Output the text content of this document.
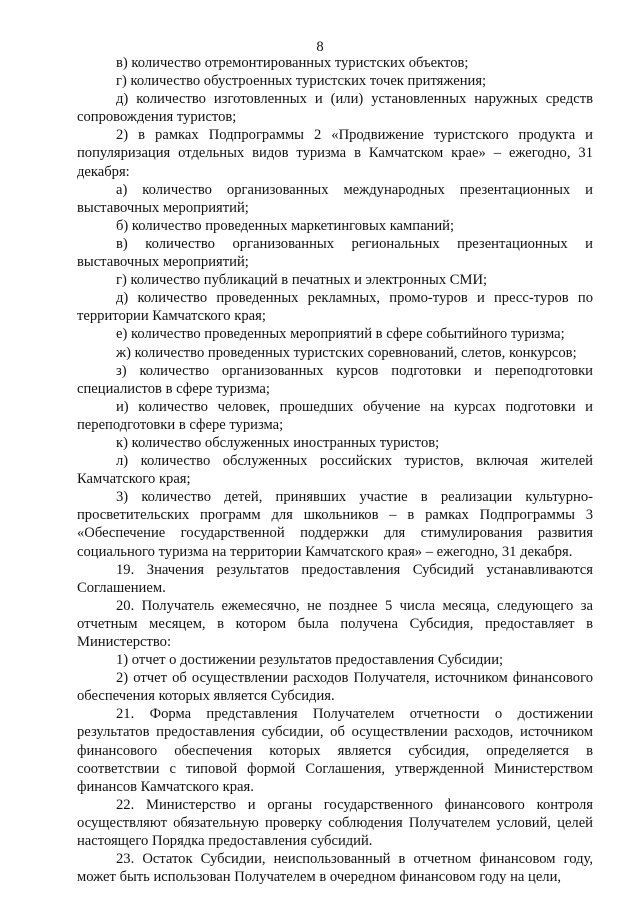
8

в) количество отремонтированных туристских объектов;

г) количество обустроенных туристских точек притяжения;

д) количество изготовленных и (или) установленных наружных средств сопровождения туристов;

2) в рамках Подпрограммы 2 «Продвижение туристского продукта и популяризация отдельных видов туризма в Камчатском крае» – ежегодно, 31 декабря:

а) количество организованных международных презентационных и выставочных мероприятий;

б) количество проведенных маркетинговых кампаний;

в) количество организованных региональных презентационных и выставочных мероприятий;

г) количество публикаций в печатных и электронных СМИ;

д) количество проведенных рекламных, промо-туров и пресс-туров по территории Камчатского края;

е) количество проведенных мероприятий в сфере событийного туризма;

ж) количество проведенных туристских соревнований, слетов, конкурсов;

з) количество организованных курсов подготовки и переподготовки специалистов в сфере туризма;

и) количество человек, прошедших обучение на курсах подготовки и переподготовки в сфере туризма;

к) количество обслуженных иностранных туристов;

л) количество обслуженных российских туристов, включая жителей Камчатского края;

3) количество детей, принявших участие в реализации культурно-просветительских программ для школьников – в рамках Подпрограммы 3 «Обеспечение государственной поддержки для стимулирования развития социального туризма на территории Камчатского края» – ежегодно, 31 декабря.

19. Значения результатов предоставления Субсидий устанавливаются Соглашением.

20. Получатель ежемесячно, не позднее 5 числа месяца, следующего за отчетным месяцем, в котором была получена Субсидия, предоставляет в Министерство:

1) отчет о достижении результатов предоставления Субсидии;

2) отчет об осуществлении расходов Получателя, источником финансового обеспечения которых является Субсидия.

21. Форма представления Получателем отчетности о достижении результатов предоставления субсидии, об осуществлении расходов, источником финансового обеспечения которых является субсидия, определяется в соответствии с типовой формой Соглашения, утвержденной Министерством финансов Камчатского края.

22. Министерство и органы государственного финансового контроля осуществляют обязательную проверку соблюдения Получателем условий, целей настоящего Порядка предоставления субсидий.

23. Остаток Субсидии, неиспользованный в отчетном финансовом году, может быть использован Получателем в очередном финансовом году на цели,
